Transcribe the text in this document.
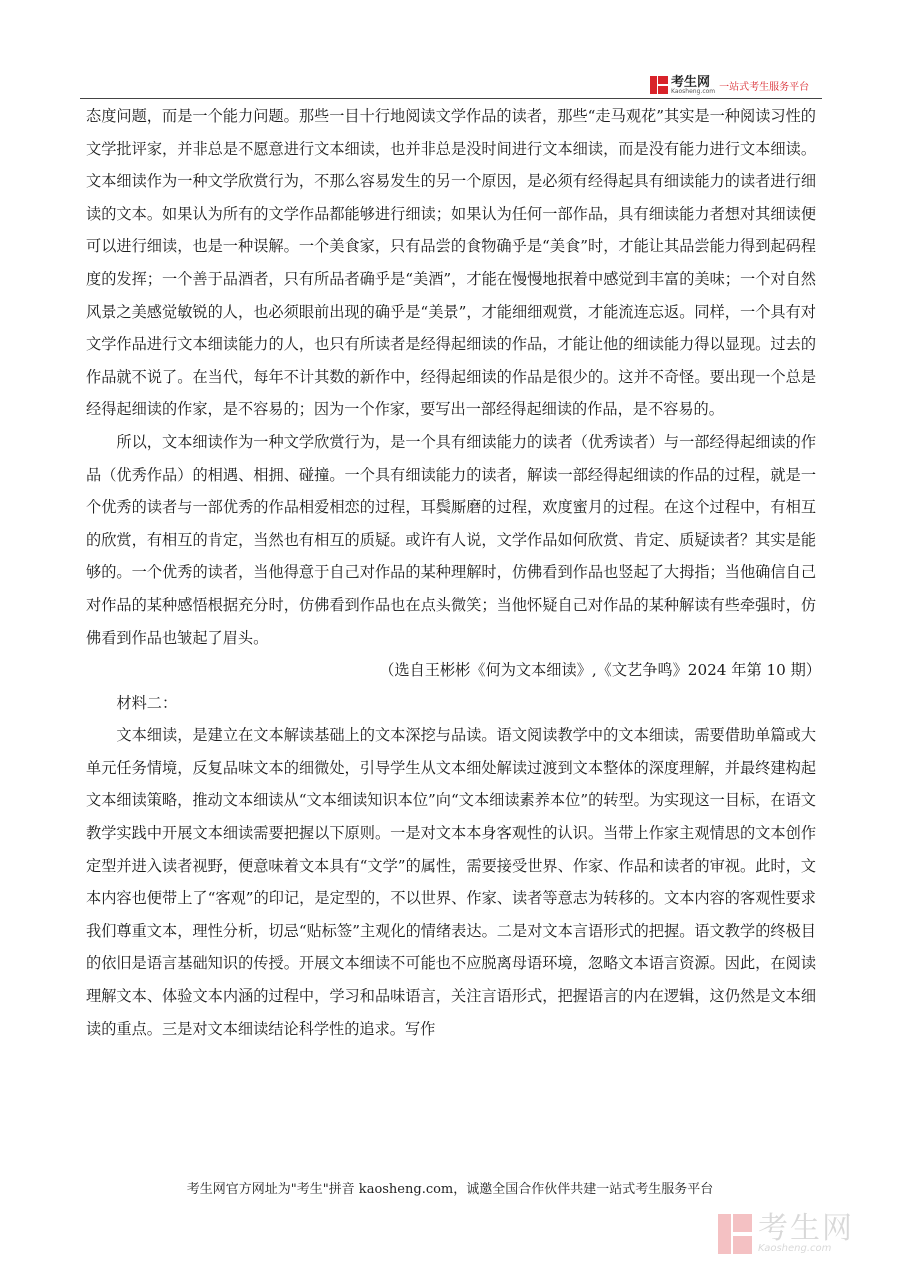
考生网
Kaosheng.com 一站式考生服务平台

态度问题，而是一个能力问题。那些一目十行地阅读文学作品的读者，那些“走马观花”其实是一种阅读习性的文学批评家，并非总是不愿意进行文本细读，也并非总是没时间进行文本细读，而是没有能力进行文本细读。文本细读作为一种文学欣赏行为，不那么容易发生的另一个原因，是必须有经得起具有细读能力的读者进行细读的文本。如果认为所有的文学作品都能够进行细读；如果认为任何一部作品，具有细读能力者想对其细读便可以进行细读，也是一种误解。一个美食家，只有品尝的食物确乎是“美食”时，才能让其品尝能力得到起码程度的发挥；一个善于品酒者，只有所品者确乎是“美酒”，才能在慢慢地抿着中感觉到丰富的美味；一个对自然风景之美感觉敏锐的人，也必须眼前出现的确乎是“美景”，才能细细观赏，才能流连忘返。同样，一个具有对文学作品进行文本细读能力的人，也只有所读者是经得起细读的作品，才能让他的细读能力得以显现。过去的作品就不说了。在当代，每年不计其数的新作中，经得起细读的作品是很少的。这并不奇怪。要出现一个总是经得起细读的作家，是不容易的；因为一个作家，要写出一部经得起细读的作品，是不容易的。

所以，文本细读作为一种文学欣赏行为，是一个具有细读能力的读者（优秀读者）与一部经得起细读的作品（优秀作品）的相遇、相拥、碰撞。一个具有细读能力的读者，解读一部经得起细读的作品的过程，就是一个优秀的读者与一部优秀的作品相爱相恋的过程，耳鬓厮磨的过程，欢度蜜月的过程。在这个过程中，有相互的欣赏，有相互的肯定，当然也有相互的质疑。或许有人说，文学作品如何欣赏、肯定、质疑读者？其实是能够的。一个优秀的读者，当他得意于自己对作品的某种理解时，仿佛看到作品也竖起了大拇指；当他确信自己对作品的某种感悟根据充分时，仿佛看到作品也在点头微笑；当他怀疑自己对作品的某种解读有些牵强时，仿佛看到作品也皱起了眉头。

（选自王彬彬《何为文本细读》,《文艺争鸣》2024 年第 10 期）

材料二：

文本细读，是建立在文本解读基础上的文本深挖与品读。语文阅读教学中的文本细读，需要借助单篇或大单元任务情境，反复品味文本的细微处，引导学生从文本细处解读过渡到文本整体的深度理解，并最终建构起文本细读策略，推动文本细读从“文本细读知识本位”向“文本细读素养本位”的转型。为实现这一目标，在语文教学实践中开展文本细读需要把握以下原则。一是对文本本身客观性的认识。当带上作家主观情思的文本创作定型并进入读者视野，便意味着文本具有“文学”的属性，需要接受世界、作家、作品和读者的审视。此时，文本内容也便带上了“客观”的印记，是定型的，不以世界、作家、读者等意志为转移的。文本内容的客观性要求我们尊重文本，理性分析，切忌“贴标签”主观化的情绪表达。二是对文本言语形式的把握。语文教学的终极目的依旧是语言基础知识的传授。开展文本细读不可能也不应脱离母语环境，忽略文本语言资源。因此，在阅读理解文本、体验文本内涵的过程中，学习和品味语言，关注言语形式，把握语言的内在逻辑，这仍然是文本细读的重点。三是对文本细读结论科学性的追求。写作

考生网官方网址为"考生"拼音 kaosheng.com，诚邀全国合作伙伴共建一站式考生服务平台
考生网
Kaosheng.com
